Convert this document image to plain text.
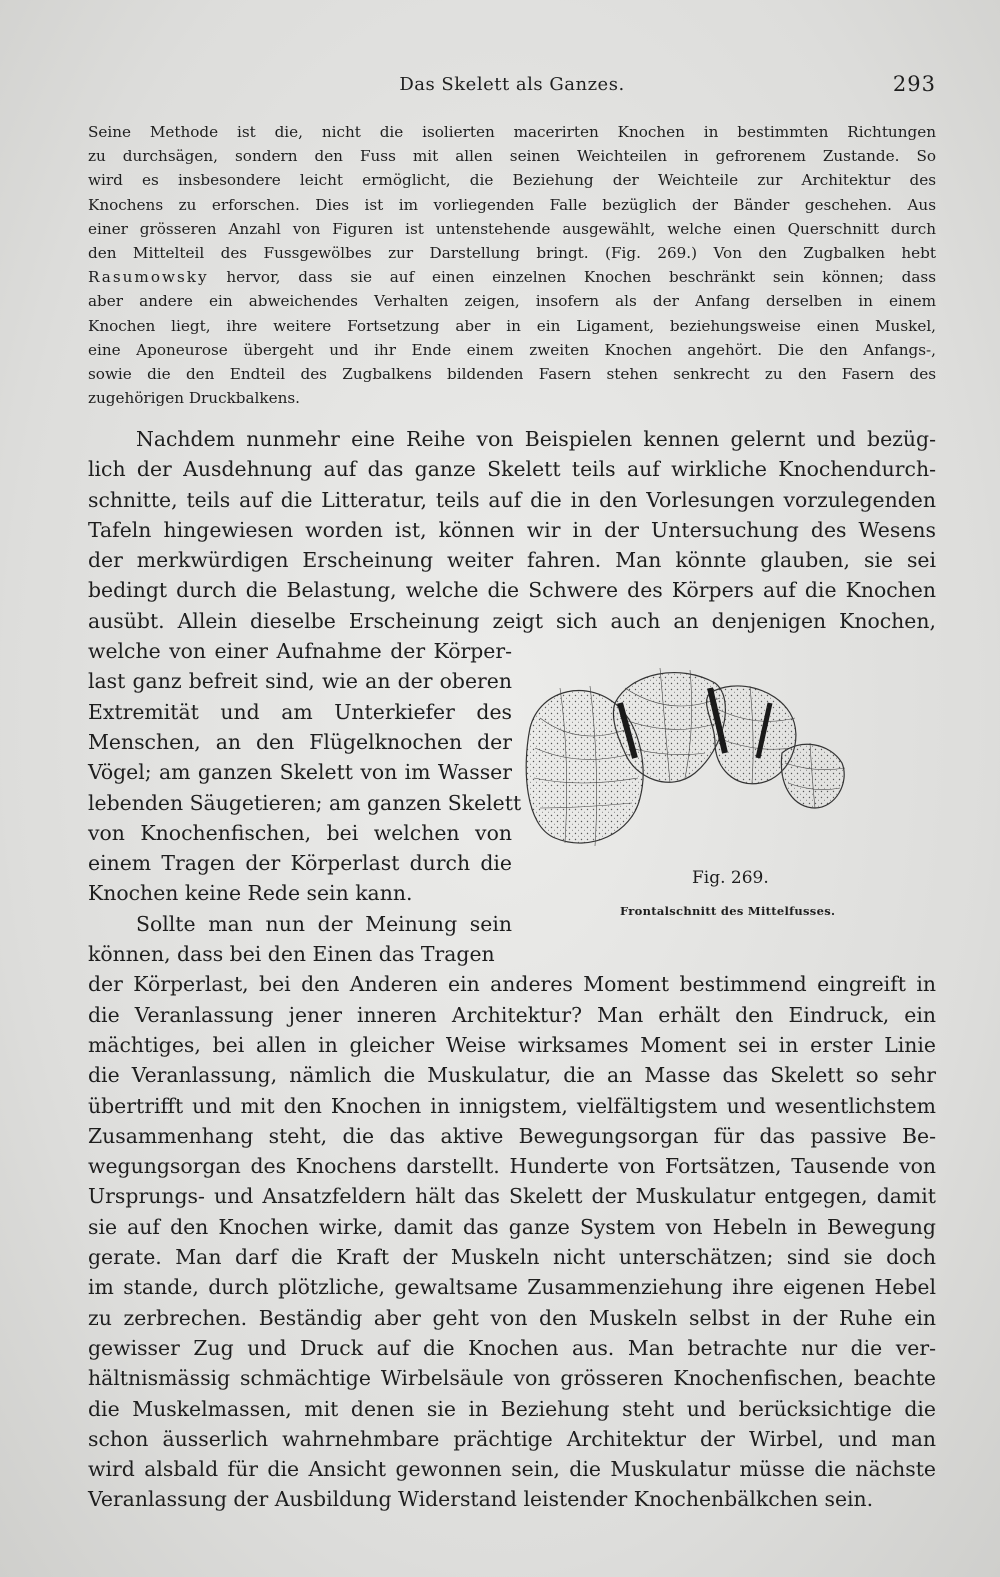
Das Skelett als Ganzes.	293
Seine Methode ist die, nicht die isolierten macerirten Knochen in bestimmten Richtungen
zu durchsägen, sondern den Fuss mit allen seinen Weichteilen in gefrorenem Zustande. So
wird es insbesondere leicht ermöglicht, die Beziehung der Weichteile zur Architektur des
Knochens zu erforschen. Dies ist im vorliegenden Falle bezüglich der Bänder geschehen. Aus
einer grösseren Anzahl von Figuren ist untenstehende ausgewählt, welche einen Querschnitt durch
den Mittelteil des Fussgewölbes zur Darstellung bringt. (Fig. 269.) Von den Zugbalken hebt
Rasumowsky hervor, dass sie auf einen einzelnen Knochen beschränkt sein können; dass
aber andere ein abweichendes Verhalten zeigen, insofern als der Anfang derselben in einem
Knochen liegt, ihre weitere Fortsetzung aber in ein Ligament, beziehungsweise einen Muskel,
eine Aponeurose übergeht und ihr Ende einem zweiten Knochen angehört. Die den Anfangs-,
sowie die den Endteil des Zugbalkens bildenden Fasern stehen senkrecht zu den Fasern des
zugehörigen Druckbalkens.
Nachdem nunmehr eine Reihe von Beispielen kennen gelernt und bezüg-
lich der Ausdehnung auf das ganze Skelett teils auf wirkliche Knochendurch-
schnitte, teils auf die Litteratur, teils auf die in den Vorlesungen vorzulegenden
Tafeln hingewiesen worden ist, können wir in der Untersuchung des Wesens
der merkwürdigen Erscheinung weiter fahren. Man könnte glauben, sie sei
bedingt durch die Belastung, welche die Schwere des Körpers auf die Knochen
ausübt. Allein dieselbe Erscheinung zeigt sich auch an denjenigen Knochen,
welche von einer Aufnahme der Körper-
last ganz befreit sind, wie an der oberen
Extremität und am Unterkiefer des
Menschen, an den Flügelknochen der
Vögel; am ganzen Skelett von im Wasser
lebenden Säugetieren; am ganzen Skelett
von Knochenfischen, bei welchen von
einem Tragen der Körperlast durch die
Knochen keine Rede sein kann.
Sollte man nun der Meinung sein
können, dass bei den Einen das Tragen
der Körperlast, bei den Anderen ein anderes Moment bestimmend eingreift in
die Veranlassung jener inneren Architektur? Man erhält den Eindruck, ein
mächtiges, bei allen in gleicher Weise wirksames Moment sei in erster Linie
die Veranlassung, nämlich die Muskulatur, die an Masse das Skelett so sehr
übertrifft und mit den Knochen in innigstem, vielfältigstem und wesentlichstem
Zusammenhang steht, die das aktive Bewegungsorgan für das passive Be-
wegungsorgan des Knochens darstellt. Hunderte von Fortsätzen, Tausende von
Ursprungs- und Ansatzfeldern hält das Skelett der Muskulatur entgegen, damit
sie auf den Knochen wirke, damit das ganze System von Hebeln in Bewegung
gerate. Man darf die Kraft der Muskeln nicht unterschätzen; sind sie doch
im stande, durch plötzliche, gewaltsame Zusammenziehung ihre eigenen Hebel
zu zerbrechen. Beständig aber geht von den Muskeln selbst in der Ruhe ein
gewisser Zug und Druck auf die Knochen aus. Man betrachte nur die ver-
hältnismässig schmächtige Wirbelsäule von grösseren Knochenfischen, beachte
die Muskelmassen, mit denen sie in Beziehung steht und berücksichtige die
schon äusserlich wahrnehmbare prächtige Architektur der Wirbel, und man
wird alsbald für die Ansicht gewonnen sein, die Muskulatur müsse die nächste
Veranlassung der Ausbildung Widerstand leistender Knochenbälkchen sein.
Fig. 269.
Frontalschnitt des Mittelfusses.
